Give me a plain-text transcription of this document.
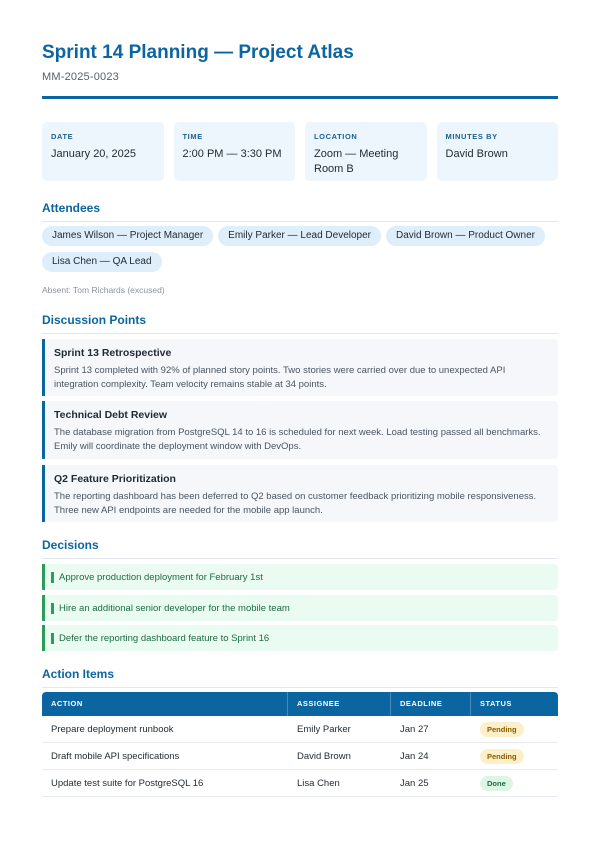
Sprint 14 Planning — Project Atlas
MM-2025-0023
DATE
January 20, 2025
TIME
2:00 PM — 3:30 PM
LOCATION
Zoom — Meeting Room B
MINUTES BY
David Brown
Attendees
James Wilson — Project Manager	Emily Parker — Lead Developer	David Brown — Product Owner
Lisa Chen — QA Lead
Absent: Tom Richards (excused)
Discussion Points
Sprint 13 Retrospective
Sprint 13 completed with 92% of planned story points. Two stories were carried over due to unexpected API integration complexity. Team velocity remains stable at 34 points.
Technical Debt Review
The database migration from PostgreSQL 14 to 16 is scheduled for next week. Load testing passed all benchmarks. Emily will coordinate the deployment window with DevOps.
Q2 Feature Prioritization
The reporting dashboard has been deferred to Q2 based on customer feedback prioritizing mobile responsiveness. Three new API endpoints are needed for the mobile app launch.
Decisions
Approve production deployment for February 1st
Hire an additional senior developer for the mobile team
Defer the reporting dashboard feature to Sprint 16
Action Items
ACTION	ASSIGNEE	DEADLINE	STATUS
Prepare deployment runbook	Emily Parker	Jan 27	Pending
Draft mobile API specifications	David Brown	Jan 24	Pending
Update test suite for PostgreSQL 16	Lisa Chen	Jan 25	Done
